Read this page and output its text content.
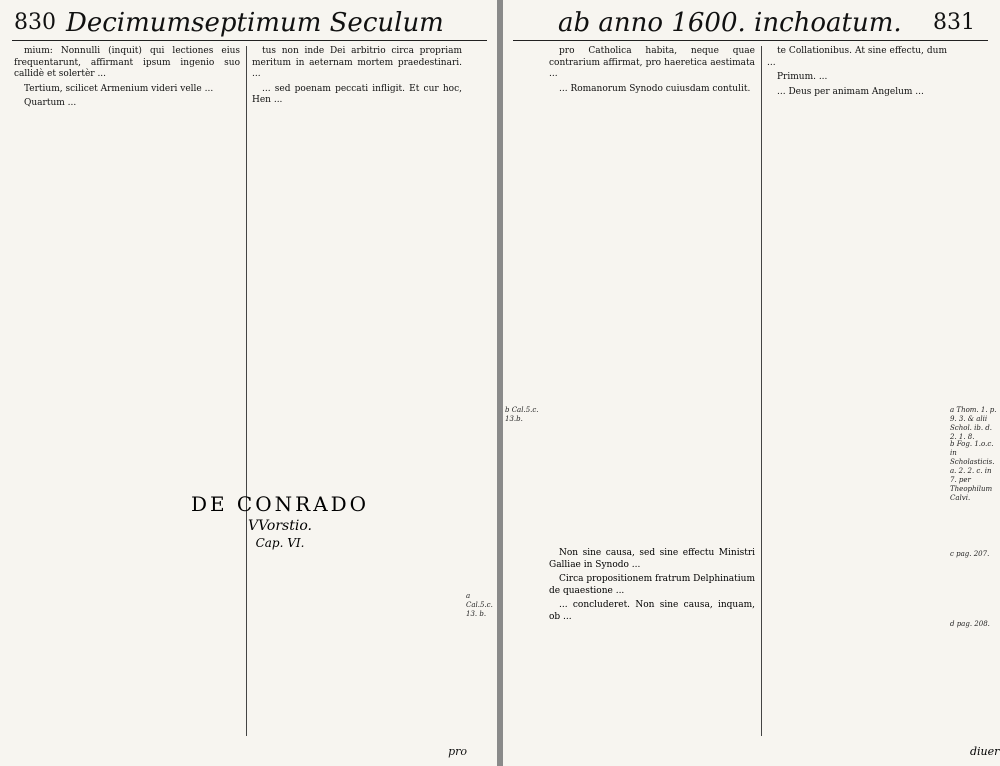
830 Decimumseptimum Seculum

mium: Nonnulli (inquit) qui lectiones eius frequentarunt, affirmant ipsum ingenio suo callidè et solertèr ...

Tertium, scilicet Armenium videri velle ...

Quartum ...

tus non inde Dei arbitrio circa propriam meritum in aeternam mortem praedestinari. ...

... sed poenam peccati infligit. Et cur hoc, Hen ...

a Cal.5.c. 13. b.
pro
ab anno 1600. inchoatum. 831
b Cal.5.c. 13.b.

pro Catholica habita, neque quae contrarium affirmat, pro haeretica aestimata ...

... Romanorum Synodo cuiusdam contulit.

te Collationibus. At sine effectu, dum ...

Primum. ...

... Deus per animam Angelum ...

a Thom. 1. p. 9. 3. & alii Schol. ib. d. 2. 1. 8.
b Fog. 1.o.c. in Scholasticis. a. 2. 2. c. in 7. per Theophilum Calvi.
c pag. 207.
d pag. 208.
DE CONRADO
VVorstio.
Cap. VI.

Non sine causa, sed sine effectu Ministri Galliae in Synodo ...

Circa propositionem fratrum Delphinatium de quaestione ...

... concluderet. Non sine causa, inquam, ob ...

diuer
